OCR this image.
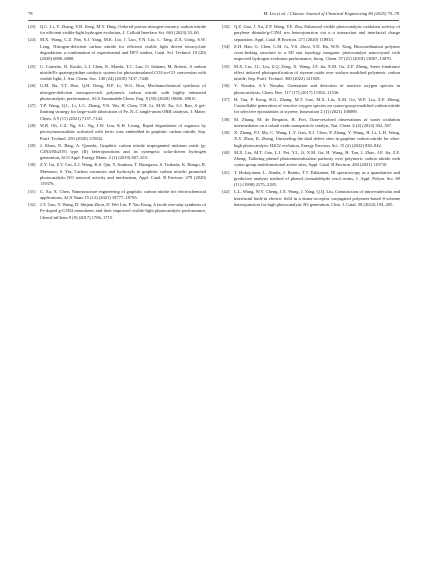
78	M. Liu et al. / Chinese Journal of Chemical Engineering 80 (2025) 70–78
[23] Q.C. Li, Y. Zhang, Y.B. Zeng, M.Y. Ding, Ordered porous nitrogen-vacancy carbon nitride for efficient visible-light hydrogen evolution, J. Colloid Interface Sci. 663 (2023) 53–60.
[24] M.X. Wang, C.Z. Pan, S.J. Yang, M.E. Liu, J. Luo, Y.N. Liu, L. Tang, Z.X. Gong, S.W. Leng, Nitrogen-deficient carbon nitride for efficient visible light driven tetracycline degradation: a combination of experimental and DFT studies, Catal. Sci. Technol. 10 (20) (2020) 6800–6808.
[25] C. Cometto, R. Kuriki, L.J. Chen, K. Maeda, T.C. Lau, O. Ishitani, M. Robert, A carbon nitride/Fe quaterpyridine catalytic system for photostimulated CO2-to-CO conversion with visible light, J. Am. Chem. Soc. 140 (24) (2018) 7437–7440.
[26] G.M. Ba, T.T. Huo, Q.H. Deng, H.P. Li, W.G. Hou, Mechanochemical synthesis of nitrogen-deficient mesopore-rich polymeric carbon nitride with highly enhanced photocatalytic performance, ACS Sustainable Chem. Eng. 8 (50) (2020) 18606–18615.
[27] Y.P. Wang, Q.L. Li, L.C. Zhang, Y.K. Wu, H. Chen, T.H. Li, M.W. Xu, S.J. Bao, A gel-limiting strategy for large-scale fabrication of Fe–N–C single-atom ORR catalysts, J. Mater. Chem. A 9 (11) (2021) 7137–7142.
[28] W.B. Oh, C.Z. Ng, S.L. Ng, J.W. Lim, K.H. Leong, Rapid degradation of organics by peroxymonosulfate activated with ferric ions embedded in graphitic carbon nitride, Sep. Purif. Technol. 250 (2020) 115832.
[29] J. Khan, N. Baig, A. Qurashi, Graphitic carbon nitride impregnated niobium oxide (g-C3N4/Nb2O5) type (II) heterojunctions and its synergetic solar-driven hydrogen generation, ACS Appl. Energy Mater. 2 (1) (2019) 607–615.
[30] Z.Y. Gu, Z.T. Cui, Z.J. Wang, K.S. Qin, Y. Asakura, T. Hasegawa, S. Tsukuda, K. Hongo, R. Maezono, S. Yin, Carbon vacancies and hydroxyls in graphitic carbon nitride: promoted photocatalytic NO removal activity and mechanism, Appl. Catal. B Environ. 279 (2020) 119376.
[31] C. Xu, X. Chen, Nanostructure engineering of graphitic carbon nitride for electrochemical applications, ACS Nano 15 (12) (2021) 18777–18793.
[32] J.T. Guo, Y. Wang, D. Shijian Zhou, D. Wei Lin, P. Yao Kong, A facile one-step synthesis of Fe-doped g-C3N4 nanosheets and their improved visible-light photocatalytic performance, ChemCatChem 9 (9) (2017) 1706–1715.
[33] Q.Z. Gao, J. Xu, Z.P. Wang, Y.F. Zhu, Enhanced visible photocatalytic oxidation activity of perylene diimide/g-C3N4 n-n heterojunction via π–π interaction and interfacial charge separation, Appl. Catal. B Environ. 271 (2020) 118933.
[34] Z.H. Han, G. Chen, C.M. Li, Y.S. Zhou, Y.D. Hu, W.N. Xing, Biocoordination polymer cross-linking structure to a 3D star topology inorganic photocatalyst nanocrystal with improved hydrogen evolution performance, Inorg. Chem. 57 (21) (2018) 13067–13070.
[35] M.X. Liu, J.L. Liu, Z.Q. Zeng, X. Wang, J.F. Jia, X.M. Gu, Z.F. Zheng, Steric hindrance effect induced photopurification of styrene oxide over surface modified polymeric carbon nitride, Sep. Purif. Technol. 300 (2022) 121929.
[36] Y. Nosaka, A.Y. Nosaka, Generation and detection of reactive oxygen species in photocatalysis, Chem. Rev. 117 (17) (2017) 11302–11336.
[37] H. Tan, P. Kong, R.G. Zhang, M.T. Gao, M.X. Liu, X.M. Gu, W.F. Liu, Z.F. Zheng, Controllable generation of reactive oxygen species on cyano-group-modified carbon nitride for selective epoxidation of styrene, Innovation 2 (1) (2021) 100089.
[38] M. Zhang, M. de Respinis, H. Frei, Time-resolved observations of water oxidation intermediates on a cobalt oxide nanoparticle catalyst, Nat. Chem. 6 (4) (2014) 362–367.
[39] X. Zhang, P.J. Ma, C. Wang, L.Y. Gan, X.J. Chen, P. Zhang, Y. Wang, H. Li, L.H. Wang, X.Y. Zhou, K. Zheng, Unraveling the dual defect sites in graphite carbon nitride for ultra-high photocatalytic H2O2 evolution, Energy Environ. Sci. 15 (2) (2022) 830–842.
[40] M.X. Liu, M.T. Gao, L.J. Pei, Y.L. Ji, X.M. Gu, H. Wang, H. Tan, J. Zhao, J.F. Jia, Z.F. Zheng, Tailoring phenol photomineralization pathway over polymeric carbon nitride with cyano group multifunctional active sites, Appl. Catal. B Environ. 284 (2021) 119710.
[41] T. Hokojoinen, L. Ahnila, J. Rainio, T.T. Pakkanen, IR spectroscopy as a quantitative and predictive analysis method of phenol–formaldehyde resol resins, J. Appl. Polym. Sci. 69 (11) (1998) 2175–2185.
[42] L.L. Wang, W.Y. Cheng, J.X. Wang, J. Yang, Q.Q. Liu, Construction of intra-molecular and interfacial built-in electric field in a donor-acceptor conjugated polymers-based S-scheme heterojunction for high photocatalytic H2 generation, Chin. J. Catal. 58 (2024) 194–205.
